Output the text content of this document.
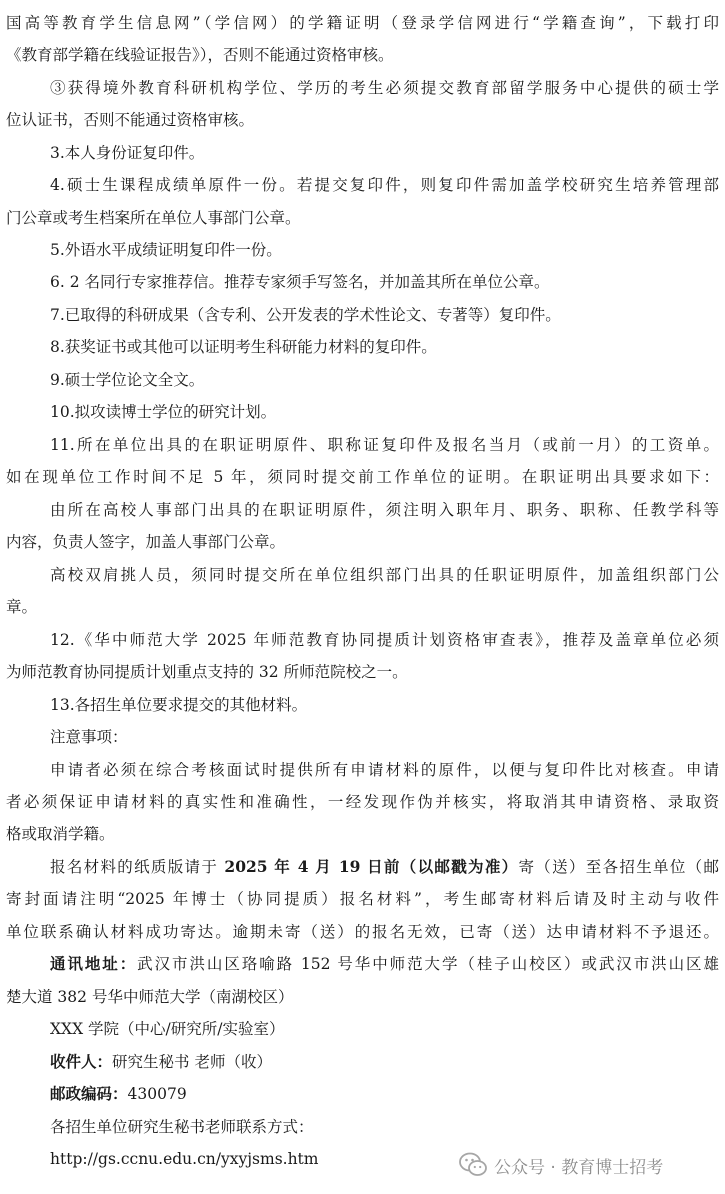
国高等教育学生信息网”（学信网）的学籍证明（登录学信网进行“学籍查询”，下载打印
《教育部学籍在线验证报告》），否则不能通过资格审核。
③获得境外教育科研机构学位、学历的考生必须提交教育部留学服务中心提供的硕士学
位认证书，否则不能通过资格审核。
3.本人身份证复印件。
4.硕士生课程成绩单原件一份。若提交复印件，则复印件需加盖学校研究生培养管理部
门公章或考生档案所在单位人事部门公章。
5.外语水平成绩证明复印件一份。
6. 2 名同行专家推荐信。推荐专家须手写签名，并加盖其所在单位公章。
7.已取得的科研成果（含专利、公开发表的学术性论文、专著等）复印件。
8.获奖证书或其他可以证明考生科研能力材料的复印件。
9.硕士学位论文全文。
10.拟攻读博士学位的研究计划。
11.所在单位出具的在职证明原件、职称证复印件及报名当月（或前一月）的工资单。
如在现单位工作时间不足 5 年，须同时提交前工作单位的证明。在职证明出具要求如下：
由所在高校人事部门出具的在职证明原件，须注明入职年月、职务、职称、任教学科等
内容，负责人签字，加盖人事部门公章。
高校双肩挑人员，须同时提交所在单位组织部门出具的任职证明原件，加盖组织部门公
章。
12.《华中师范大学 2025 年师范教育协同提质计划资格审查表》，推荐及盖章单位必须
为师范教育协同提质计划重点支持的 32 所师范院校之一。
13.各招生单位要求提交的其他材料。
注意事项：
申请者必须在综合考核面试时提供所有申请材料的原件，以便与复印件比对核查。申请
者必须保证申请材料的真实性和准确性，一经发现作伪并核实，将取消其申请资格、录取资
格或取消学籍。
报名材料的纸质版请于 2025 年 4 月 19 日前（以邮戳为准）寄（送）至各招生单位（邮
寄封面请注明“2025 年博士（协同提质）报名材料”，考生邮寄材料后请及时主动与收件
单位联系确认材料成功寄达。逾期未寄（送）的报名无效，已寄（送）达申请材料不予退还。
通讯地址：武汉市洪山区珞喻路 152 号华中师范大学（桂子山校区）或武汉市洪山区雄
楚大道 382 号华中师范大学（南湖校区）
XXX 学院（中心/研究所/实验室）
收件人：研究生秘书 老师（收）
邮政编码：430079
各招生单位研究生秘书老师联系方式：
http://gs.ccnu.edu.cn/yxyjsms.htm	公众号 · 教育博士招考
